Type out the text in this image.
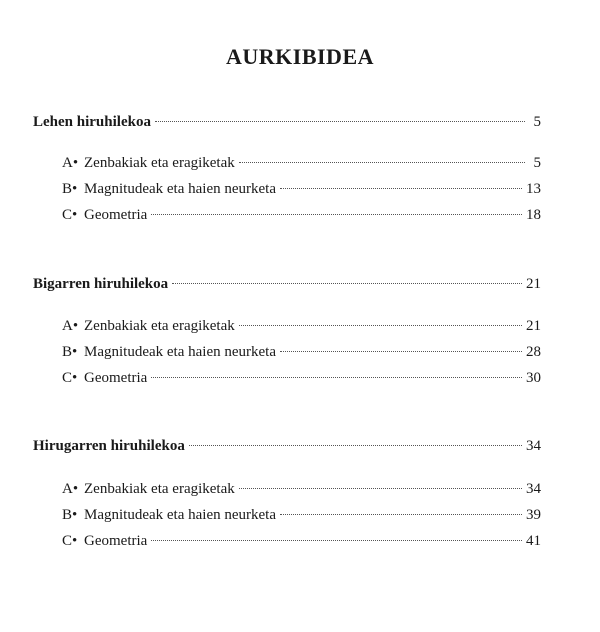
AURKIBIDEA
Lehen hiruhilekoa	5
A• Zenbakiak eta eragiketak	5
B• Magnitudeak eta haien neurketa	13
C• Geometria	18
Bigarren hiruhilekoa	21
A• Zenbakiak eta eragiketak	21
B• Magnitudeak eta haien neurketa	28
C• Geometria	30
Hirugarren hiruhilekoa	34
A• Zenbakiak eta eragiketak	34
B• Magnitudeak eta haien neurketa	39
C• Geometria	41
